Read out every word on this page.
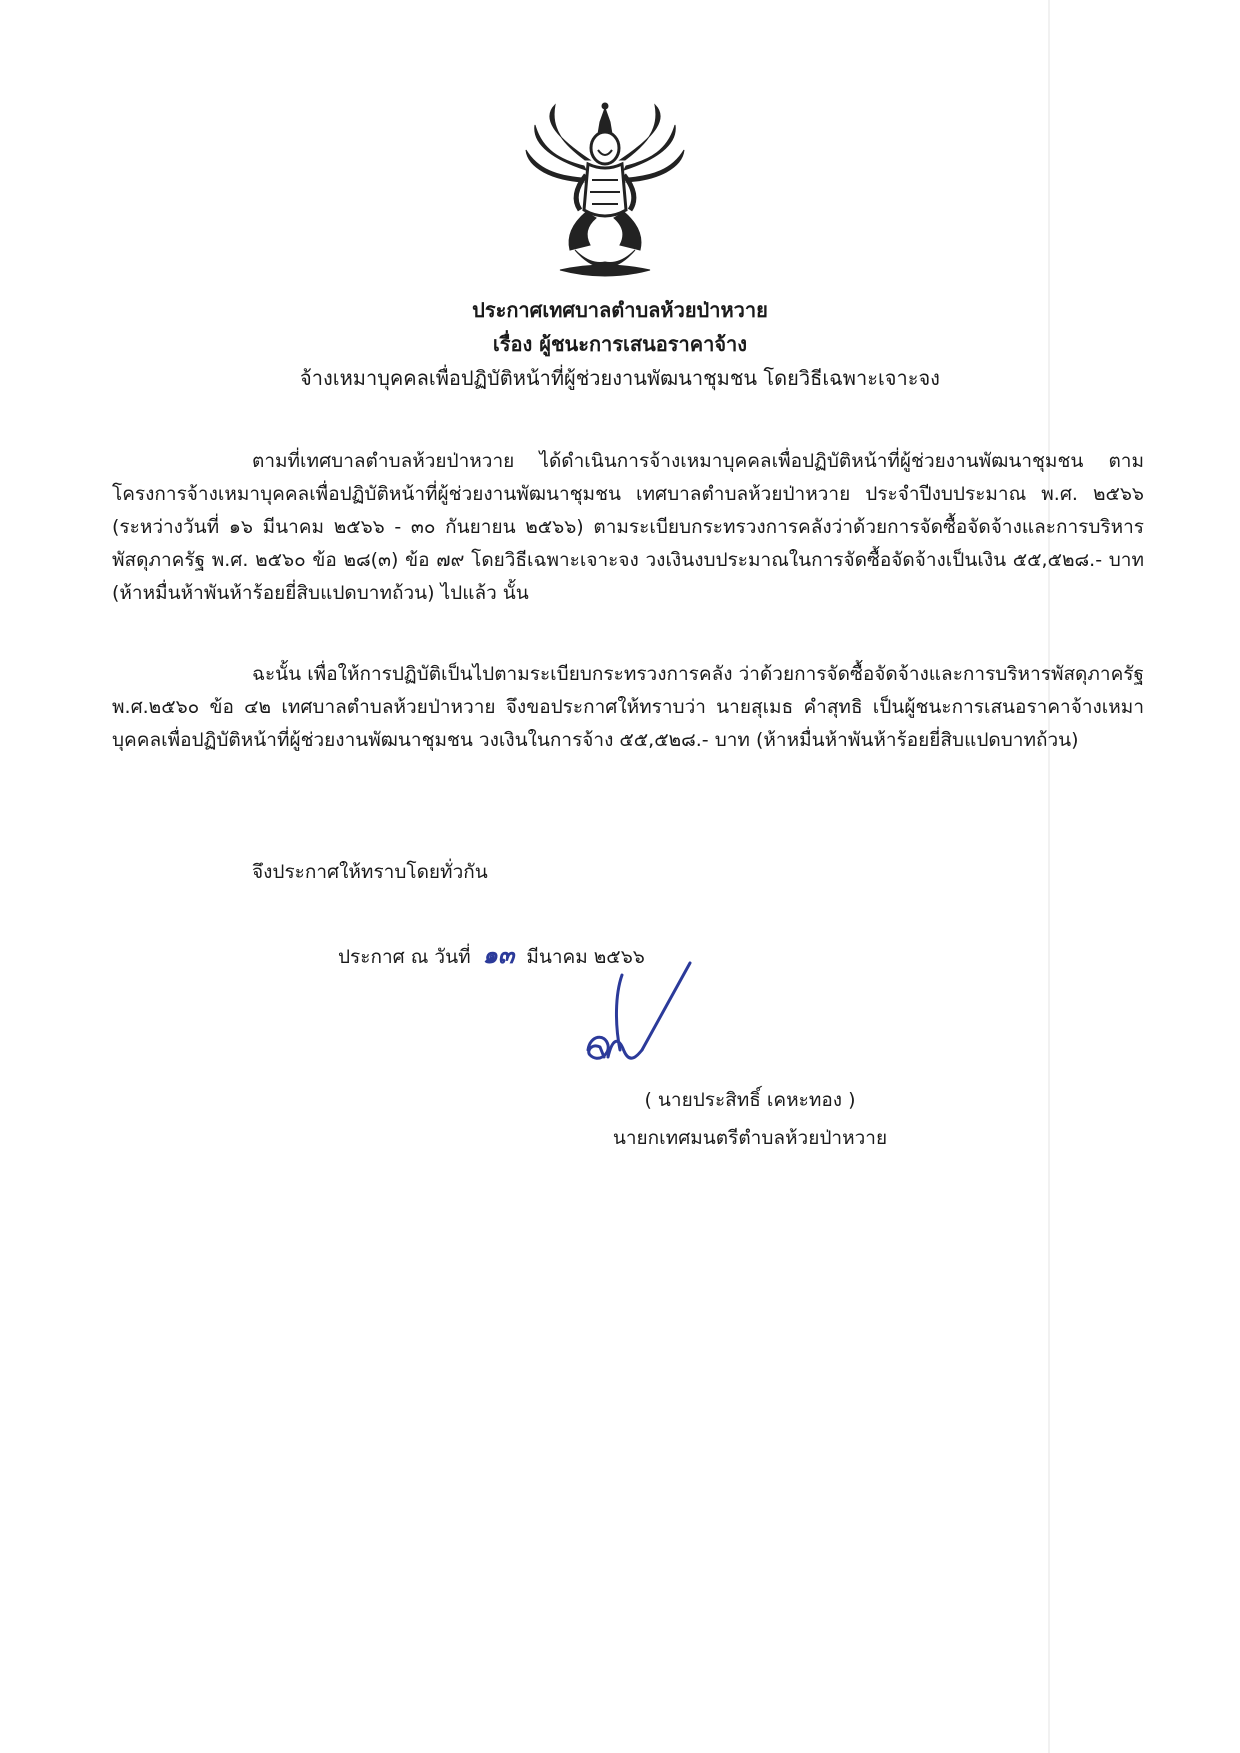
ประกาศเทศบาลตำบลห้วยป่าหวาย
เรื่อง ผู้ชนะการเสนอราคาจ้าง
จ้างเหมาบุคคลเพื่อปฏิบัติหน้าที่ผู้ช่วยงานพัฒนาชุมชน โดยวิธีเฉพาะเจาะจง

ตามที่เทศบาลตำบลห้วยป่าหวาย ได้ดำเนินการจ้างเหมาบุคคลเพื่อปฏิบัติหน้าที่ผู้ช่วยงานพัฒนาชุมชน ตามโครงการจ้างเหมาบุคคลเพื่อปฏิบัติหน้าที่ผู้ช่วยงานพัฒนาชุมชน เทศบาลตำบลห้วยป่าหวาย ประจำปีงบประมาณ พ.ศ. ๒๕๖๖ (ระหว่างวันที่ ๑๖ มีนาคม ๒๕๖๖ - ๓๐ กันยายน ๒๕๖๖) ตามระเบียบกระทรวงการคลังว่าด้วยการจัดซื้อจัดจ้างและการบริหารพัสดุภาครัฐ พ.ศ. ๒๕๖๐ ข้อ ๒๘(๓) ข้อ ๗๙ โดยวิธีเฉพาะเจาะจง วงเงินงบประมาณในการจัดซื้อจัดจ้างเป็นเงิน ๕๕,๕๒๘.- บาท (ห้าหมื่นห้าพันห้าร้อยยี่สิบแปดบาทถ้วน) ไปแล้ว นั้น

ฉะนั้น เพื่อให้การปฏิบัติเป็นไปตามระเบียบกระทรวงการคลัง ว่าด้วยการจัดซื้อจัดจ้างและการบริหารพัสดุภาครัฐ พ.ศ.๒๕๖๐ ข้อ ๔๒ เทศบาลตำบลห้วยป่าหวาย จึงขอประกาศให้ทราบว่า นายสุเมธ คำสุทธิ เป็นผู้ชนะการเสนอราคาจ้างเหมาบุคคลเพื่อปฏิบัติหน้าที่ผู้ช่วยงานพัฒนาชุมชน วงเงินในการจ้าง ๕๕,๕๒๘.- บาท (ห้าหมื่นห้าพันห้าร้อยยี่สิบแปดบาทถ้วน)

จึงประกาศให้ทราบโดยทั่วกัน
ประกาศ ณ วันที่ ๑๓ มีนาคม ๒๕๖๖
( นายประสิทธิ์ เคหะทอง )
นายกเทศมนตรีตำบลห้วยป่าหวาย
